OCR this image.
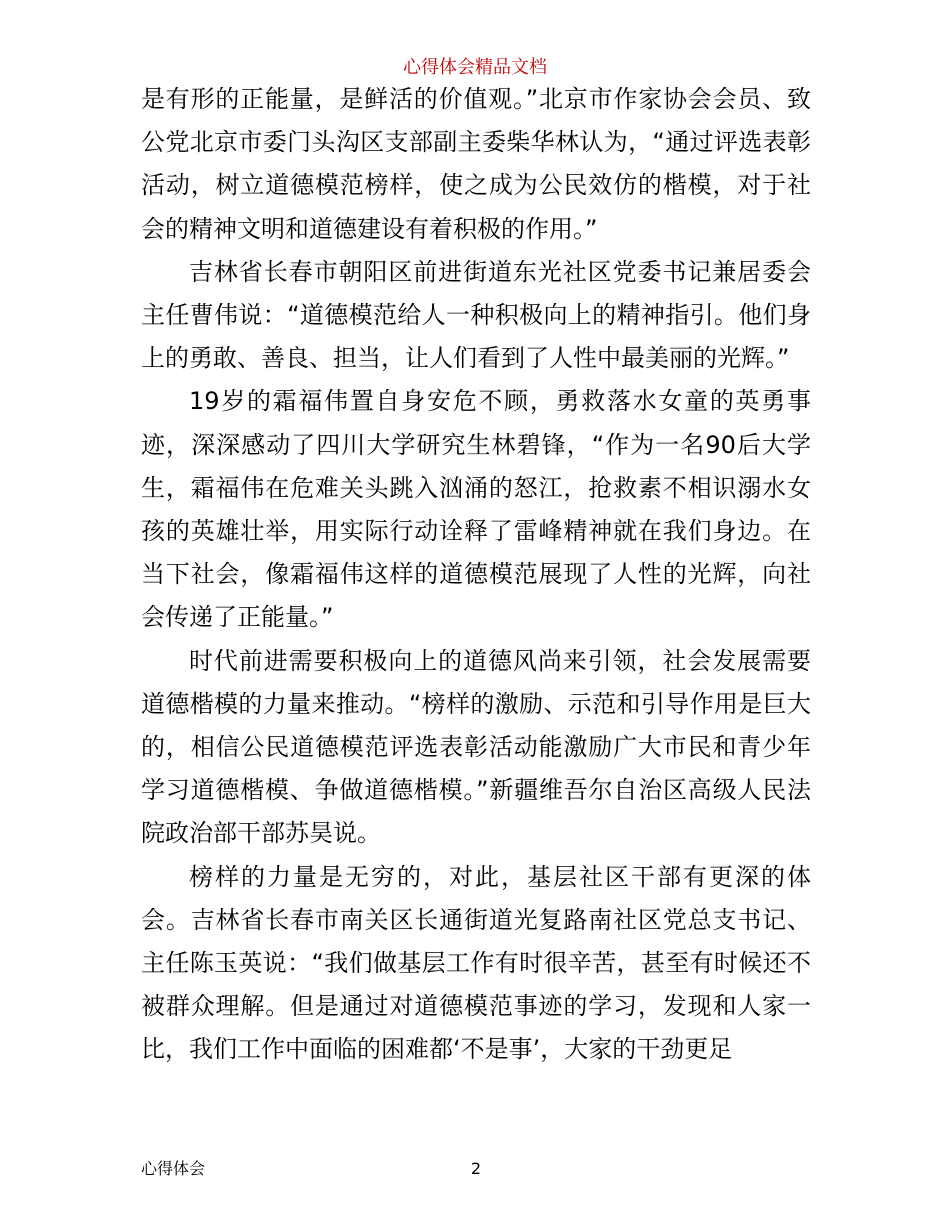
心得体会精品文档

是有形的正能量，是鲜活的价值观。”北京市作家协会会员、致公党北京市委门头沟区支部副主委柴华林认为，“通过评选表彰活动，树立道德模范榜样，使之成为公民效仿的楷模，对于社会的精神文明和道德建设有着积极的作用。”

吉林省长春市朝阳区前进街道东光社区党委书记兼居委会主任曹伟说：“道德模范给人一种积极向上的精神指引。他们身上的勇敢、善良、担当，让人们看到了人性中最美丽的光辉。”

19岁的霜福伟置自身安危不顾，勇救落水女童的英勇事迹，深深感动了四川大学研究生林碧锋，“作为一名90后大学生，霜福伟在危难关头跳入汹涌的怒江，抢救素不相识溺水女孩的英雄壮举，用实际行动诠释了雷峰精神就在我们身边。在当下社会，像霜福伟这样的道德模范展现了人性的光辉，向社会传递了正能量。”

时代前进需要积极向上的道德风尚来引领，社会发展需要道德楷模的力量来推动。“榜样的激励、示范和引导作用是巨大的，相信公民道德模范评选表彰活动能激励广大市民和青少年学习道德楷模、争做道德楷模。”新疆维吾尔自治区高级人民法院政治部干部苏昊说。

榜样的力量是无穷的，对此，基层社区干部有更深的体会。吉林省长春市南关区长通街道光复路南社区党总支书记、主任陈玉英说：“我们做基层工作有时很辛苦，甚至有时候还不被群众理解。但是通过对道德模范事迹的学习，发现和人家一比，我们工作中面临的困难都‘不是事’，大家的干劲更足

心得体会	2
